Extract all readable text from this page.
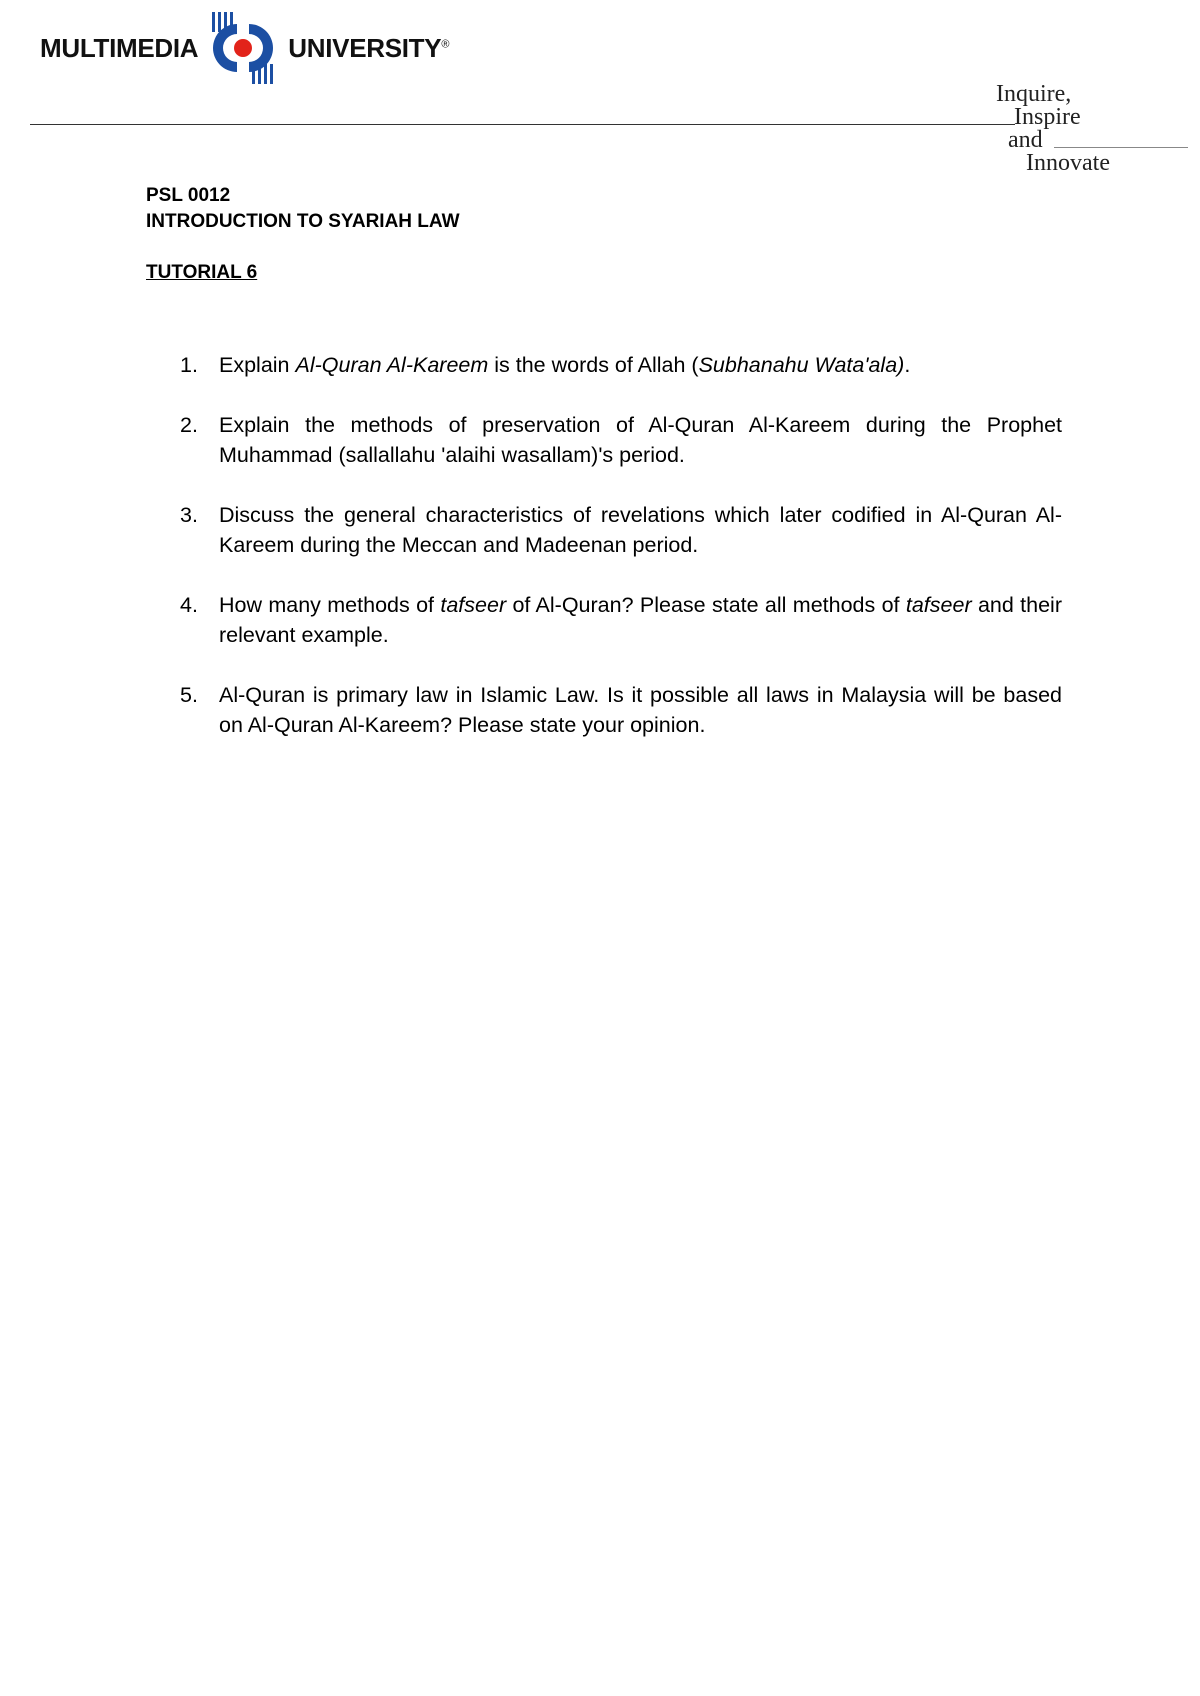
MULTIMEDIA	UNIVERSITY®
Inquire,
Inspire
and
Innovate
PSL 0012
INTRODUCTION TO SYARIAH LAW
TUTORIAL 6
1. Explain Al-Quran Al-Kareem is the words of Allah (Subhanahu Wata'ala).
2. Explain the methods of preservation of Al-Quran Al-Kareem during the Prophet Muhammad (sallallahu 'alaihi wasallam)'s period.
3. Discuss the general characteristics of revelations which later codified in Al-Quran Al-Kareem during the Meccan and Madeenan period.
4. How many methods of tafseer of Al-Quran? Please state all methods of tafseer and their relevant example.
5. Al-Quran is primary law in Islamic Law. Is it possible all laws in Malaysia will be based on Al-Quran Al-Kareem? Please state your opinion.
